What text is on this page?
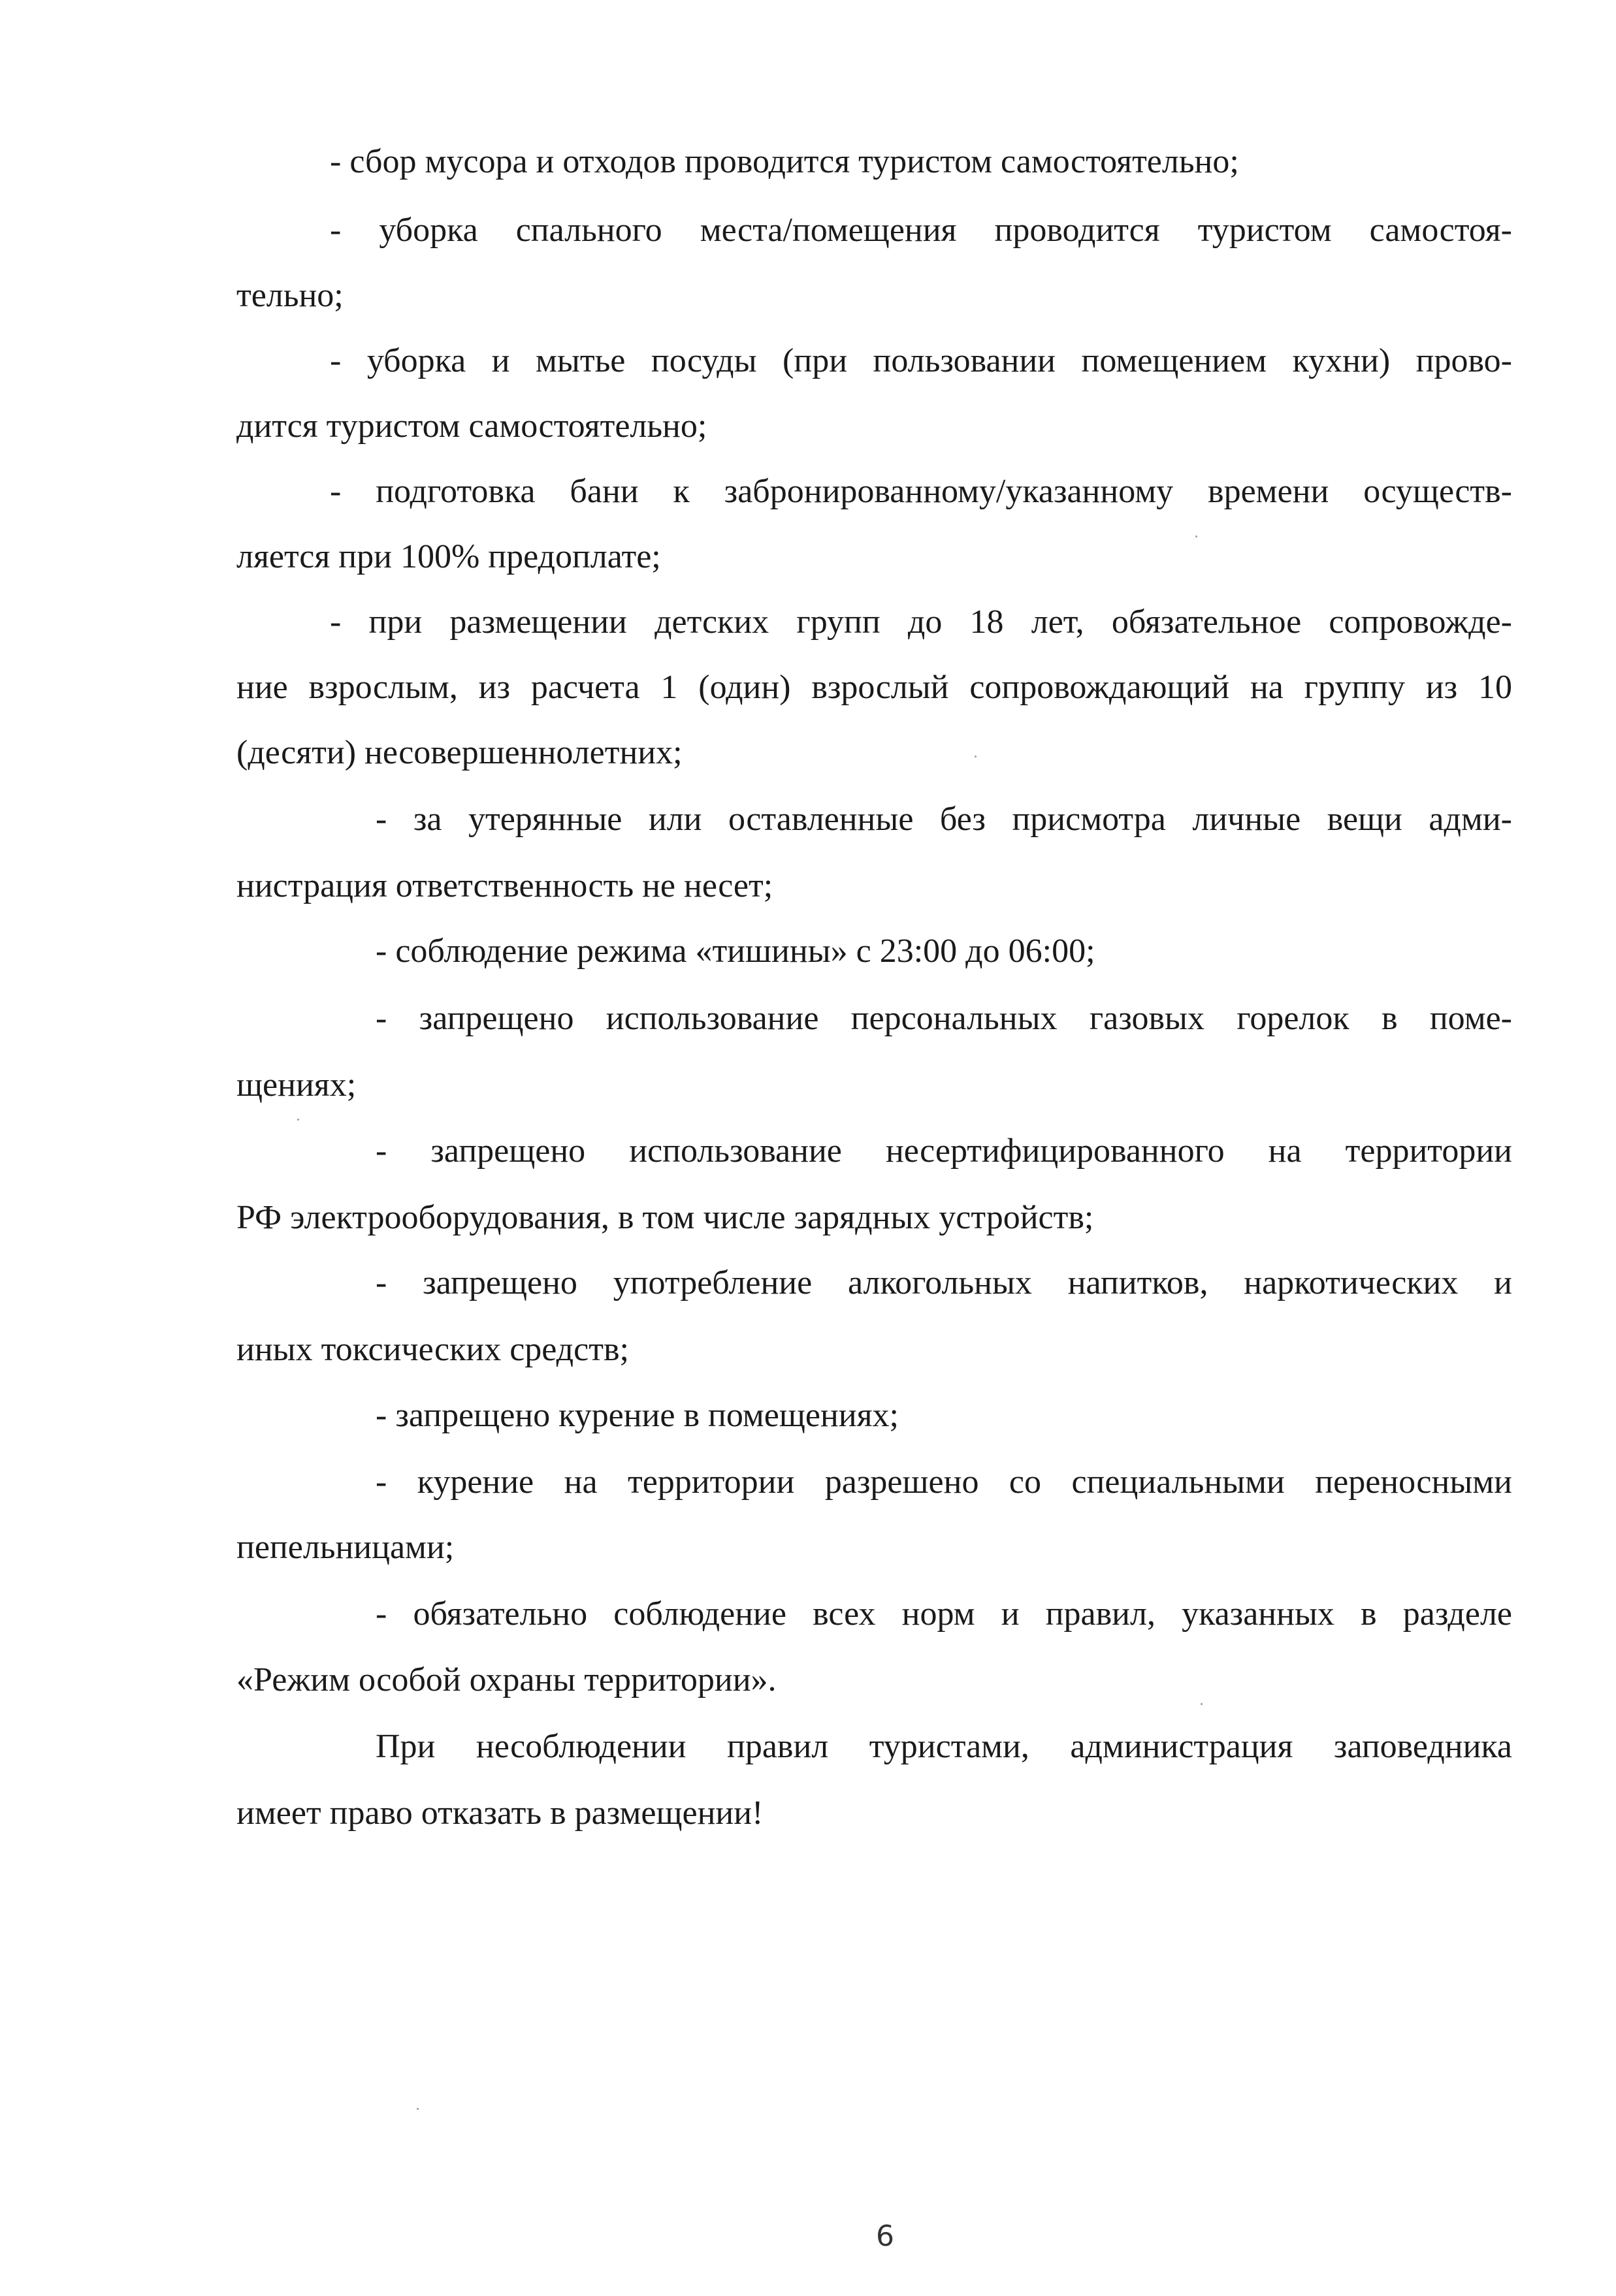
- сбор мусора и отходов проводится туристом самостоятельно;
- уборка спального места/помещения проводится туристом самостоя-
тельно;
- уборка и мытье посуды (при пользовании помещением кухни) прово-
дится туристом самостоятельно;
- подготовка бани к забронированному/указанному времени осуществ-
ляется при 100% предоплате;
- при размещении детских групп до 18 лет, обязательное сопровожде-
ние взрослым, из расчета 1 (один) взрослый сопровождающий на группу из 10
(десяти) несовершеннолетних;
- за утерянные или оставленные без присмотра личные вещи адми-
нистрация ответственность не несет;
- соблюдение режима «тишины» с 23:00 до 06:00;
- запрещено использование персональных газовых горелок в поме-
щениях;
- запрещено использование несертифицированного на территории
РФ электрооборудования, в том числе зарядных устройств;
- запрещено употребление алкогольных напитков, наркотических и
иных токсических средств;
- запрещено курение в помещениях;
- курение на территории разрешено со специальными переносными
пепельницами;
- обязательно соблюдение всех норм и правил, указанных в разделе
«Режим особой охраны территории».
При несоблюдении правил туристами, администрация заповедника
имеет право отказать в размещении!
6
